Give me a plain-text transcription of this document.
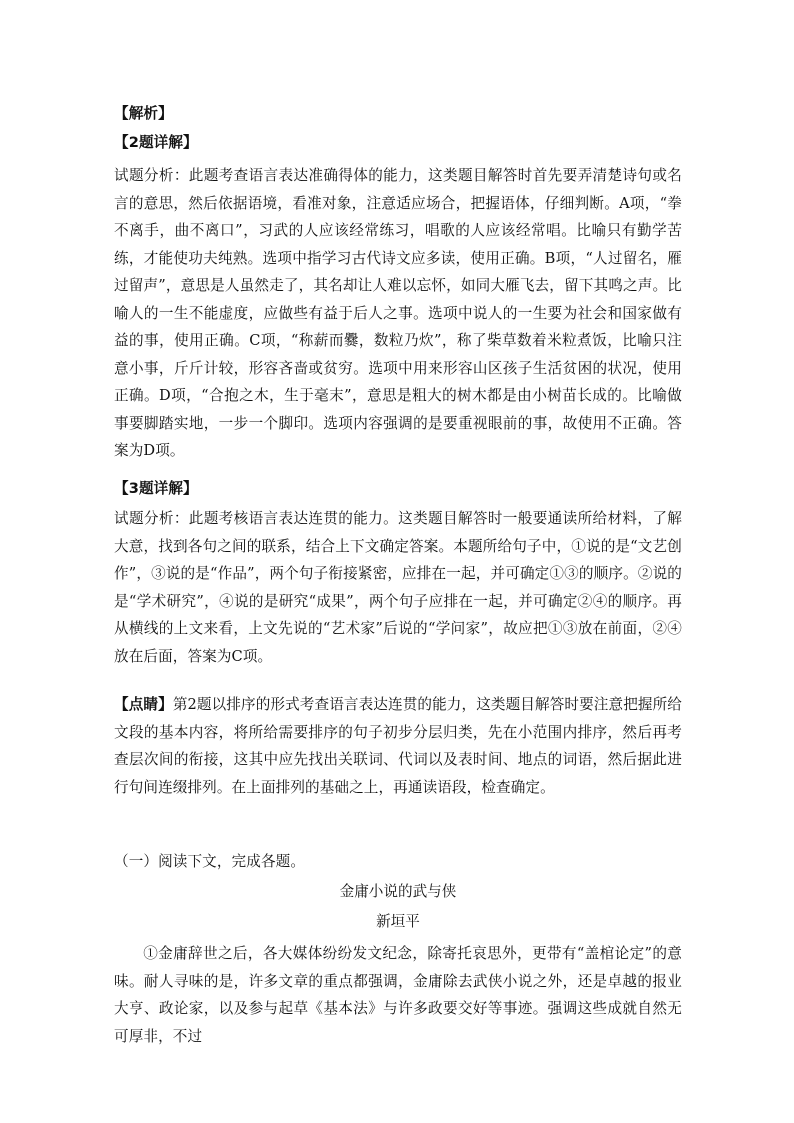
【解析】
【2题详解】

试题分析：此题考查语言表达准确得体的能力，这类题目解答时首先要弄清楚诗句或名言的意思，然后依据语境，看准对象，注意适应场合，把握语体，仔细判断。A项，“拳不离手，曲不离口”，习武的人应该经常练习，唱歌的人应该经常唱。比喻只有勤学苦练，才能使功夫纯熟。选项中指学习古代诗文应多读，使用正确。B项，“人过留名，雁过留声”，意思是人虽然走了，其名却让人难以忘怀，如同大雁飞去，留下其鸣之声。比喻人的一生不能虚度，应做些有益于后人之事。选项中说人的一生要为社会和国家做有益的事，使用正确。C项，“称薪而爨，数粒乃炊”，称了柴草数着米粒煮饭，比喻只注意小事，斤斤计较，形容吝啬或贫穷。选项中用来形容山区孩子生活贫困的状况，使用正确。D项，“合抱之木，生于毫末”，意思是粗大的树木都是由小树苗长成的。比喻做事要脚踏实地，一步一个脚印。选项内容强调的是要重视眼前的事，故使用不正确。答案为D项。

【3题详解】

试题分析：此题考核语言表达连贯的能力。这类题目解答时一般要通读所给材料，了解大意，找到各句之间的联系，结合上下文确定答案。本题所给句子中，①说的是“文艺创作”，③说的是“作品”，两个句子衔接紧密，应排在一起，并可确定①③的顺序。②说的是“学术研究”，④说的是研究“成果”，两个句子应排在一起，并可确定②④的顺序。再从横线的上文来看，上文先说的“艺术家”后说的“学问家”，故应把①③放在前面，②④放在后面，答案为C项。

【点睛】第2题以排序的形式考查语言表达连贯的能力，这类题目解答时要注意把握所给文段的基本内容，将所给需要排序的句子初步分层归类，先在小范围内排序，然后再考查层次间的衔接，这其中应先找出关联词、代词以及表时间、地点的词语，然后据此进行句间连缀排列。在上面排列的基础之上，再通读语段，检查确定。

（一）阅读下文，完成各题。
金庸小说的武与侠
新垣平

①金庸辞世之后，各大媒体纷纷发文纪念，除寄托哀思外，更带有“盖棺论定”的意味。耐人寻味的是，许多文章的重点都强调，金庸除去武侠小说之外，还是卓越的报业大亨、政论家，以及参与起草《基本法》与许多政要交好等事迹。强调这些成就自然无可厚非，不过
